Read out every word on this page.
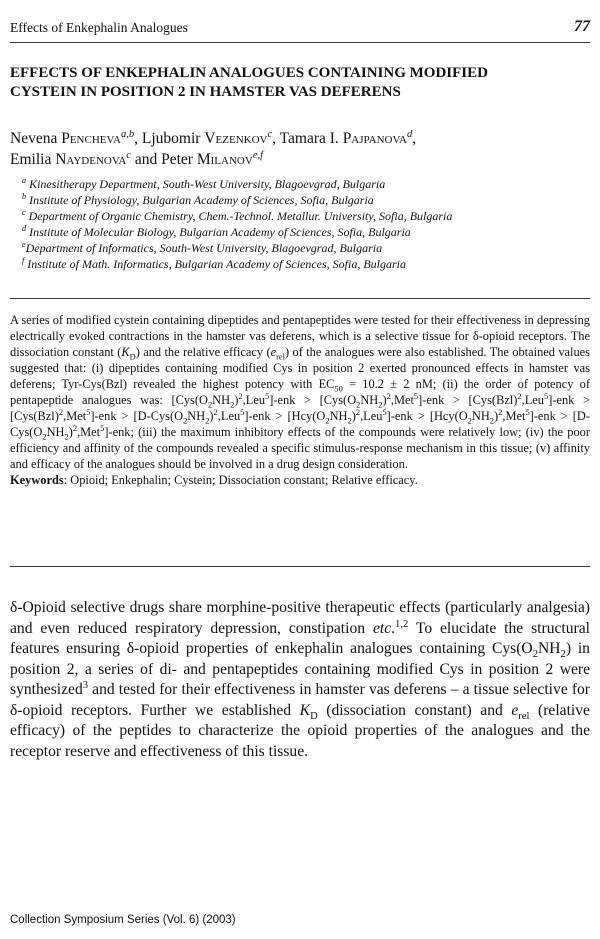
Effects of Enkephalin Analogues	77
EFFECTS OF ENKEPHALIN ANALOGUES CONTAINING MODIFIED
CYSTEIN IN POSITION 2 IN HAMSTER VAS DEFERENS
Nevena Pencheva$^{a,b}$, Ljubomir Vezenkov$^c$, Tamara I. Pajpanova$^d$,
Emilia Naydenova$^c$ and Peter Milanov$^{e,f}$
$^a$ Kinesitherapy Department, South-West University, Blagoevgrad, Bulgaria
$^b$ Institute of Physiology, Bulgarian Academy of Sciences, Sofia, Bulgaria
$^c$ Department of Organic Chemistry, Chem.-Technol. Metallur. University, Sofia, Bulgaria
$^d$ Institute of Molecular Biology, Bulgarian Academy of Sciences, Sofia, Bulgaria
$^e$Department of Informatics, South-West University, Blagoevgrad, Bulgaria
$^f$ Institute of Math. Informatics, Bulgarian Academy of Sciences, Sofia, Bulgaria

A series of modified cystein containing dipeptides and pentapeptides were tested for their effectiveness in depressing electrically evoked contractions in the hamster vas deferens, which is a selective tissue for δ-opioid receptors. The dissociation constant $(K_D)$ and the relative efficacy $(e_{rel})$ of the analogues were also established. The obtained values suggested that: (i) dipeptides containing modified Cys in position 2 exerted pronounced effects in hamster vas deferens; Tyr-Cys(Bzl) revealed the highest potency with $EC_{50} = 10.2 \pm 2$ nM; (ii) the order of potency of pentapeptide analogues was: $[Cys(O_2NH_2)^2,Leu^5]$-enk > $[Cys(O_2NH_2)^2,Met^5]$-enk > $[Cys(Bzl)^2,Leu^5]-enk > [Cys(Bzl)^2,Met^5]-enk > [D-Cys(O_2NH_2)^2,Leu^5]$-enk > $[Hcy(O_2NH_2)^2,Leu^5]$-enk > $[Hcy(O_2NH_2)^2,Met^5]$-enk > $[D-Cys(O_2NH_2)^2,Met^5]$-enk; (iii) the maximum inhibitory effects of the compounds were relatively low; (iv) the poor efficiency and affinity of the compounds revealed a specific stimulus-response mechanism in this tissue; (v) affinity and efficacy of the analogues should be involved in a drug design consideration.

Keywords: Opioid; Enkephalin; Cystein; Dissociation constant; Relative efficacy.

δ-Opioid selective drugs share morphine-positive therapeutic effects (particularly analgesia) and even reduced respiratory depression, constipation etc.$^{1,2}$ To elucidate the structural features ensuring δ-opioid properties of enkephalin analogues containing $Cys(O_2NH_2)$ in position 2, a series of di- and pentapeptides containing modified Cys in position 2 were synthesized$^3$ and tested for their effectiveness in hamster vas deferens – a tissue selective for δ-opioid receptors. Further we established $K_D$ (dissociation constant) and $e_{rel}$ (relative efficacy) of the peptides to characterize the opioid properties of the analogues and the receptor reserve and effectiveness of this tissue.

Collection Symposium Series (Vol. 6) (2003)
